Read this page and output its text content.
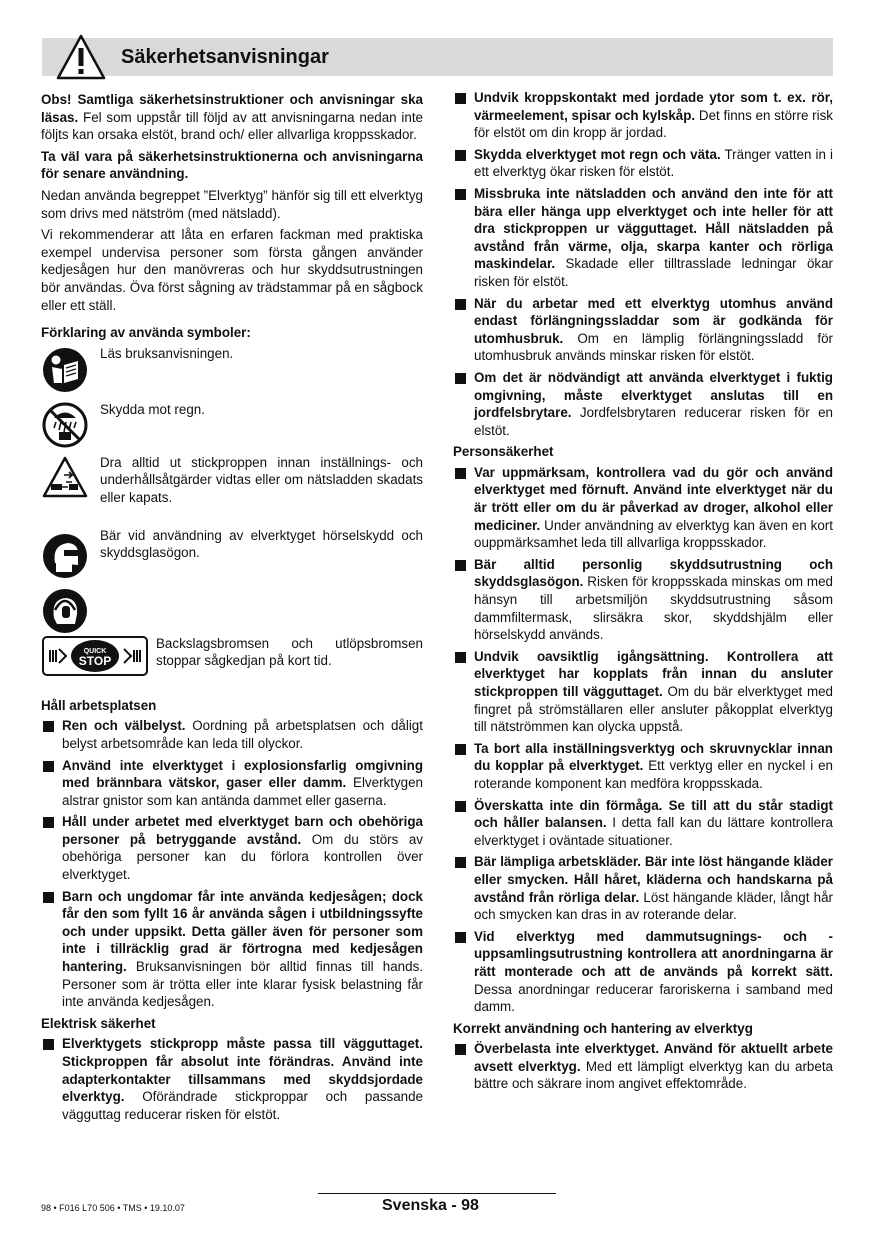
Säkerhetsanvisningar

Obs! Samtliga säkerhetsinstruktioner och anvisningar ska läsas. Fel som uppstår till följd av att anvisningarna nedan inte följts kan orsaka elstöt, brand och/ eller allvarliga kroppsskador.

Ta väl vara på säkerhetsinstruktionerna och anvisningarna för senare användning.

Nedan använda begreppet ”Elverktyg” hänför sig till ett elverktyg som drivs med nätström (med nätsladd).

Vi rekommenderar att låta en erfaren fackman med praktiska exempel undervisa personer som första gången använder kedjesågen hur den manövreras och hur skyddsutrustningen bör användas. Öva först sågning av trädstammar på en sågbock eller ett ställ.

Förklaring av använda symboler:

Läs bruksanvisningen.
Skydda mot regn.
Dra alltid ut stickproppen innan inställnings- och underhållsåtgärder vidtas eller om nätsladden skadats eller kapats.
Bär vid användning av elverktyget hörselskydd och skyddsglasögon.
QUICK
STOP
Backslagsbromsen och utlöpsbromsen stoppar sågkedjan på kort tid.

Håll arbetsplatsen

Ren och välbelyst. Oordning på arbetsplatsen och dåligt belyst arbetsområde kan leda till olyckor.

Använd inte elverktyget i explosionsfarlig omgivning med brännbara vätskor, gaser eller damm. Elverktygen alstrar gnistor som kan antända dammet eller gaserna.

Håll under arbetet med elverktyget barn och obehöriga personer på betryggande avstånd. Om du störs av obehöriga personer kan du förlora kontrollen över elverktyget.

Barn och ungdomar får inte använda kedjesågen; dock får den som fyllt 16 år använda sågen i utbildningssyfte och under uppsikt. Detta gäller även för personer som inte i tillräcklig grad är förtrogna med kedjesågen hantering. Bruksanvisningen bör alltid finnas till hands. Personer som är trötta eller inte klarar fysisk belastning får inte använda kedjesågen.

Elektrisk säkerhet

Elverktygets stickpropp måste passa till vägguttaget. Stickproppen får absolut inte förändras. Använd inte adapterkontakter tillsammans med skyddsjordade elverktyg. Oförändrade stickproppar och passande vägguttag reducerar risken för elstöt.

Undvik kroppskontakt med jordade ytor som t. ex. rör, värmeelement, spisar och kylskåp. Det finns en större risk för elstöt om din kropp är jordad.

Skydda elverktyget mot regn och väta. Tränger vatten in i ett elverktyg ökar risken för elstöt.

Missbruka inte nätsladden och använd den inte för att bära eller hänga upp elverktyget och inte heller för att dra stickproppen ur vägguttaget. Håll nätsladden på avstånd från värme, olja, skarpa kanter och rörliga maskindelar. Skadade eller tilltrasslade ledningar ökar risken för elstöt.

När du arbetar med ett elverktyg utomhus använd endast förlängningssladdar som är godkända för utomhusbruk. Om en lämplig förlängningssladd för utomhusbruk används minskar risken för elstöt.

Om det är nödvändigt att använda elverktyget i fuktig omgivning, måste elverktyget anslutas till en jordfelsbrytare. Jordfelsbrytaren reducerar risken för en elstöt.

Personsäkerhet

Var uppmärksam, kontrollera vad du gör och använd elverktyget med förnuft. Använd inte elverktyget när du är trött eller om du är påverkad av droger, alkohol eller mediciner. Under användning av elverktyg kan även en kort ouppmärksamhet leda till allvarliga kroppsskador.

Bär alltid personlig skyddsutrustning och skyddsglasögon. Risken för kroppsskada minskas om med hänsyn till arbetsmiljön skyddsutrustning såsom dammfiltermask, slirsäkra skor, skyddshjälm eller hörselskydd används.

Undvik oavsiktlig igångsättning. Kontrollera att elverktyget har kopplats från innan du ansluter stickproppen till vägguttaget. Om du bär elverktyget med fingret på strömställaren eller ansluter påkopplat elverktyg till nätströmmen kan olycka uppstå.

Ta bort alla inställningsverktyg och skruvnycklar innan du kopplar på elverktyget. Ett verktyg eller en nyckel i en roterande komponent kan medföra kroppsskada.

Överskatta inte din förmåga. Se till att du står stadigt och håller balansen. I detta fall kan du lättare kontrollera elverktyget i oväntade situationer.

Bär lämpliga arbetskläder. Bär inte löst hängande kläder eller smycken. Håll håret, kläderna och handskarna på avstånd från rörliga delar. Löst hängande kläder, långt hår och smycken kan dras in av roterande delar.

Vid elverktyg med dammutsugnings- och -uppsamlingsutrustning kontrollera att anordningarna är rätt monterade och att de används på korrekt sätt. Dessa anordningar reducerar faroriskerna i samband med damm.

Korrekt användning och hantering av elverktyg

Överbelasta inte elverktyget. Använd för aktuellt arbete avsett elverktyg. Med ett lämpligt elverktyg kan du arbeta bättre och säkrare inom angivet effektområde.

98 • F016 L70 506 • TMS • 19.10.07	Svenska - 98
